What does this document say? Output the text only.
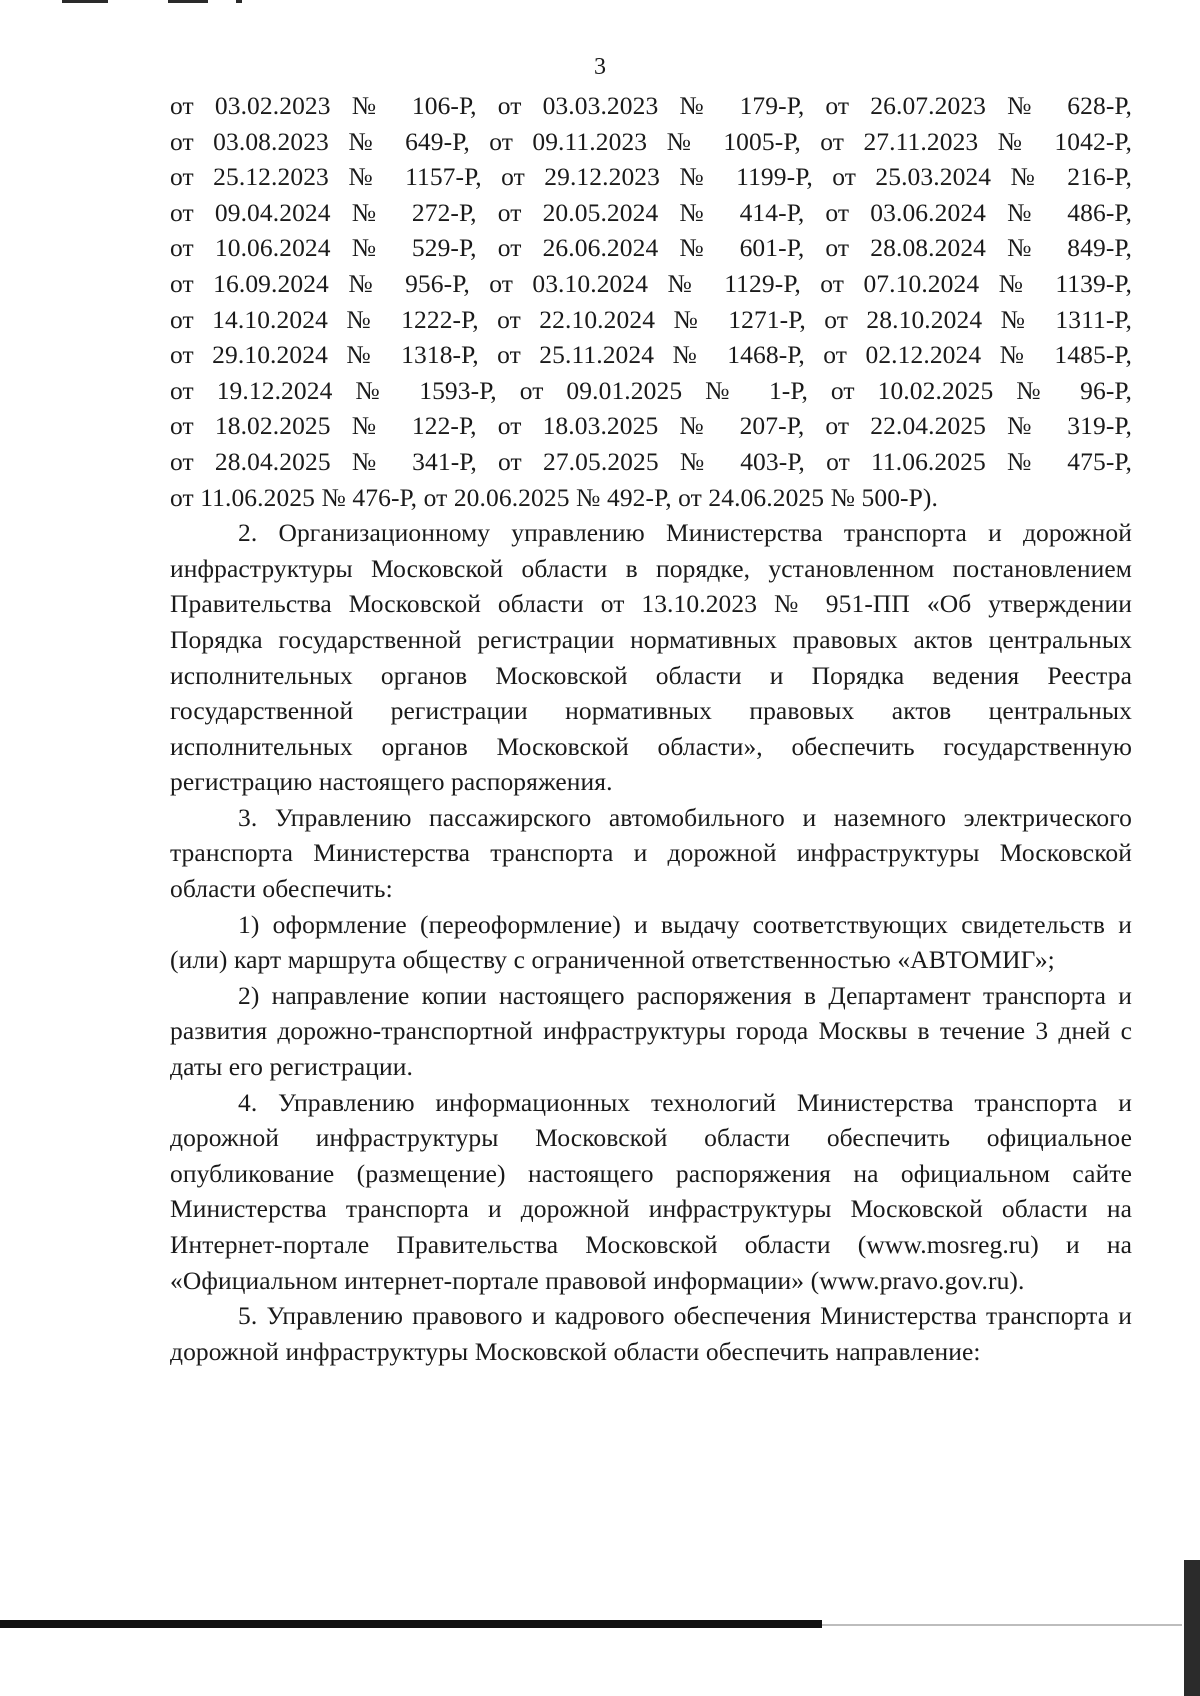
3
от 03.02.2023 № 106-Р, от 03.03.2023 № 179-Р, от 26.07.2023 № 628-Р,
от 03.08.2023 № 649-Р, от 09.11.2023 № 1005-Р, от 27.11.2023 № 1042-Р,
от 25.12.2023 № 1157-Р, от 29.12.2023 № 1199-Р, от 25.03.2024 № 216-Р,
от 09.04.2024 № 272-Р, от 20.05.2024 № 414-Р, от 03.06.2024 № 486-Р,
от 10.06.2024 № 529-Р, от 26.06.2024 № 601-Р, от 28.08.2024 № 849-Р,
от 16.09.2024 № 956-Р, от 03.10.2024 № 1129-Р, от 07.10.2024 № 1139-Р,
от 14.10.2024 № 1222-Р, от 22.10.2024 № 1271-Р, от 28.10.2024 № 1311-Р,
от 29.10.2024 № 1318-Р, от 25.11.2024 № 1468-Р, от 02.12.2024 № 1485-Р,
от 19.12.2024 № 1593-Р, от 09.01.2025 № 1-Р, от 10.02.2025 № 96-Р,
от 18.02.2025 № 122-Р, от 18.03.2025 № 207-Р, от 22.04.2025 № 319-Р,
от 28.04.2025 № 341-Р, от 27.05.2025 № 403-Р, от 11.06.2025 № 475-Р,
от 11.06.2025 № 476-Р, от 20.06.2025 № 492-Р, от 24.06.2025 № 500-Р).

2. Организационному управлению Министерства транспорта и дорожной инфраструктуры Московской области в порядке, установленном постановлением Правительства Московской области от 13.10.2023 № 951-ПП «Об утверждении Порядка государственной регистрации нормативных правовых актов центральных исполнительных органов Московской области и Порядка ведения Реестра государственной регистрации нормативных правовых актов центральных исполнительных органов Московской области», обеспечить государственную регистрацию настоящего распоряжения.

3. Управлению пассажирского автомобильного и наземного электрического транспорта Министерства транспорта и дорожной инфраструктуры Московской области обеспечить:

1) оформление (переоформление) и выдачу соответствующих свидетельств и (или) карт маршрута обществу с ограниченной ответственностью «АВТОМИГ»;

2) направление копии настоящего распоряжения в Департамент транспорта и развития дорожно-транспортной инфраструктуры города Москвы в течение 3 дней с даты его регистрации.

4. Управлению информационных технологий Министерства транспорта и дорожной инфраструктуры Московской области обеспечить официальное опубликование (размещение) настоящего распоряжения на официальном сайте Министерства транспорта и дорожной инфраструктуры Московской области на Интернет-портале Правительства Московской области (www.mosreg.ru) и на «Официальном интернет-портале правовой информации» (www.pravo.gov.ru).

5. Управлению правового и кадрового обеспечения Министерства транспорта и дорожной инфраструктуры Московской области обеспечить направление:
